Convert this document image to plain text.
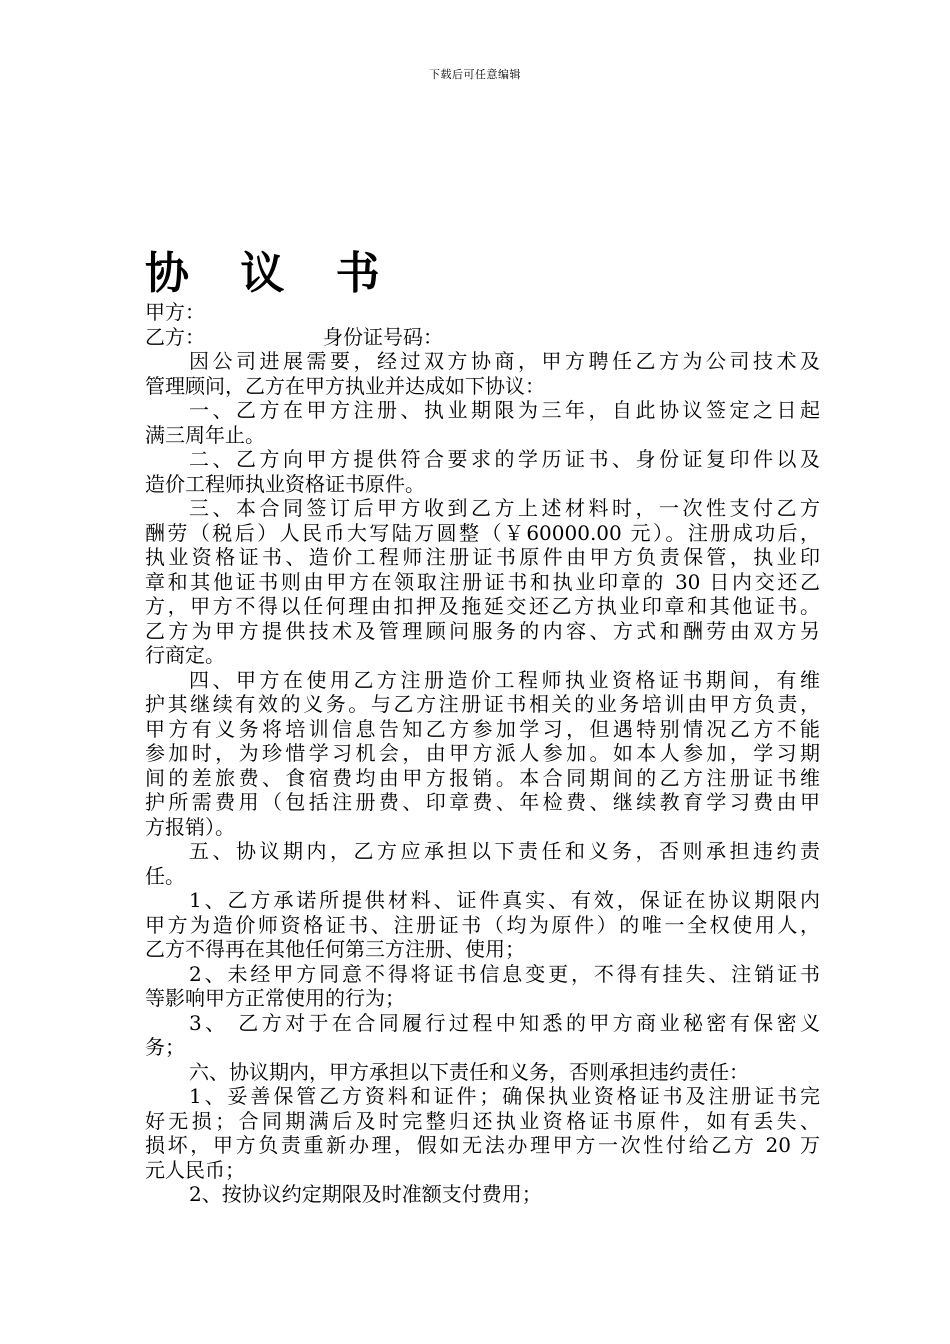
下载后可任意编辑
协 议 书

甲方：

乙方：	身份证号码：

因公司进展需要，经过双方协商，甲方聘任乙方为公司技术及

管理顾问，乙方在甲方执业并达成如下协议：

一、乙方在甲方注册、执业期限为三年，自此协议签定之日起

满三周年止。

二、乙方向甲方提供符合要求的学历证书、身份证复印件以及

造价工程师执业资格证书原件。

三、本合同签订后甲方收到乙方上述材料时，一次性支付乙方

酬劳（税后）人民币大写陆万圆整（￥60000.00 元）。注册成功后，

执业资格证书、造价工程师注册证书原件由甲方负责保管，执业印

章和其他证书则由甲方在领取注册证书和执业印章的 30 日内交还乙

方，甲方不得以任何理由扣押及拖延交还乙方执业印章和其他证书。

乙方为甲方提供技术及管理顾问服务的内容、方式和酬劳由双方另

行商定。

四、甲方在使用乙方注册造价工程师执业资格证书期间，有维

护其继续有效的义务。与乙方注册证书相关的业务培训由甲方负责，

甲方有义务将培训信息告知乙方参加学习，但遇特别情况乙方不能

参加时，为珍惜学习机会，由甲方派人参加。如本人参加，学习期

间的差旅费、食宿费均由甲方报销。本合同期间的乙方注册证书维

护所需费用（包括注册费、印章费、年检费、继续教育学习费由甲

方报销）。

五、协议期内，乙方应承担以下责任和义务，否则承担违约责

任。

1、乙方承诺所提供材料、证件真实、有效，保证在协议期限内

甲方为造价师资格证书、注册证书（均为原件）的唯一全权使用人，

乙方不得再在其他任何第三方注册、使用；

2、未经甲方同意不得将证书信息变更，不得有挂失、注销证书

等影响甲方正常使用的行为；

3、 乙方对于在合同履行过程中知悉的甲方商业秘密有保密义

务；

六、协议期内，甲方承担以下责任和义务，否则承担违约责任：

1、妥善保管乙方资料和证件；确保执业资格证书及注册证书完

好无损；合同期满后及时完整归还执业资格证书原件，如有丢失、

损坏，甲方负责重新办理，假如无法办理甲方一次性付给乙方 20 万

元人民币；

2、按协议约定期限及时准额支付费用；
